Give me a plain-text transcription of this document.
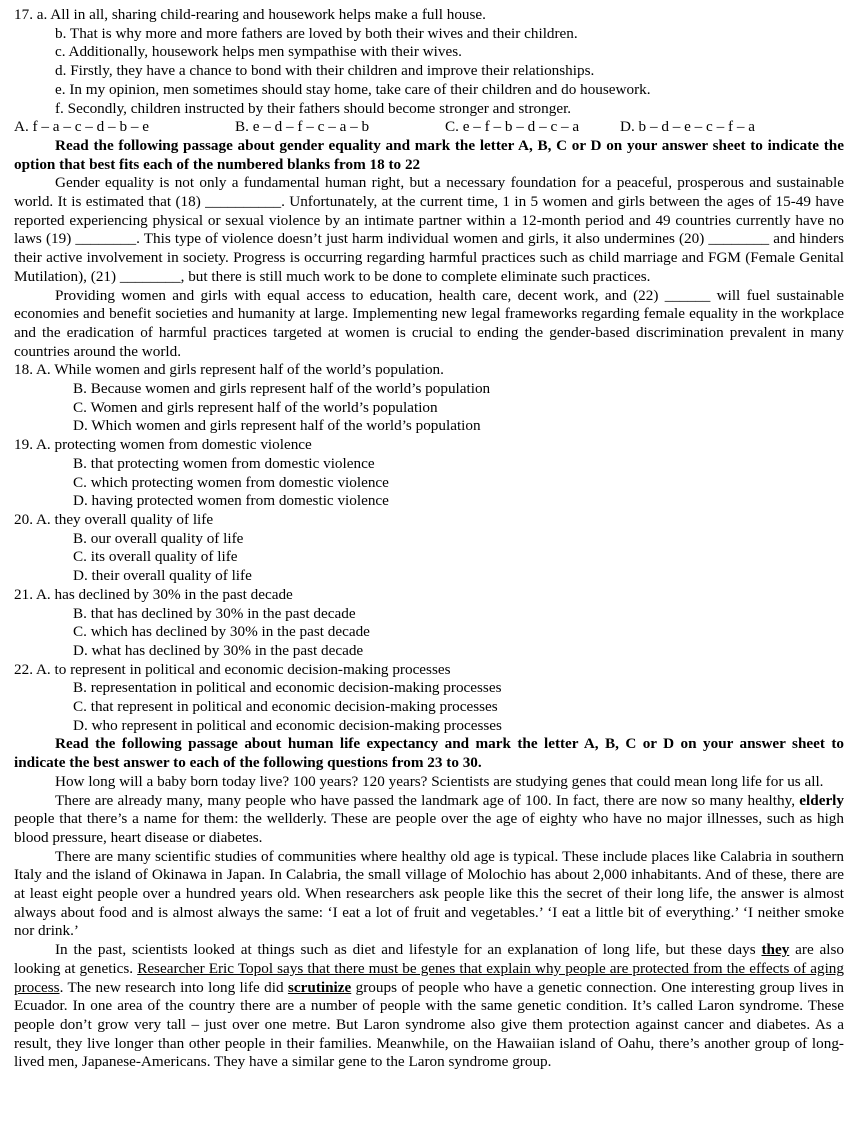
17. a. All in all, sharing child-rearing and housework helps make a full house.
b. That is why more and more fathers are loved by both their wives and their children.
c. Additionally, housework helps men sympathise with their wives.
d. Firstly, they have a chance to bond with their children and improve their relationships.
e. In my opinion, men sometimes should stay home, take care of their children and do housework.
f. Secondly, children instructed by their fathers should become stronger and stronger.
A. f – a – c – d – b – e	B. e – d – f – c – a – b	C. e – f – b – d – c – a	D. b – d – e – c – f – a

Read the following passage about gender equality and mark the letter A, B, C or D on your answer sheet to indicate the option that best fits each of the numbered blanks from 18 to 22

Gender equality is not only a fundamental human right, but a necessary foundation for a peaceful, prosperous and sustainable world. It is estimated that (18) __________. Unfortunately, at the current time, 1 in 5 women and girls between the ages of 15-49 have reported experiencing physical or sexual violence by an intimate partner within a 12-month period and 49 countries currently have no laws (19) ________. This type of violence doesn’t just harm individual women and girls, it also undermines (20) ________ and hinders their active involvement in society. Progress is occurring regarding harmful practices such as child marriage and FGM (Female Genital Mutilation), (21) ________, but there is still much work to be done to complete eliminate such practices.

Providing women and girls with equal access to education, health care, decent work, and (22) ______ will fuel sustainable economies and benefit societies and humanity at large. Implementing new legal frameworks regarding female equality in the workplace and the eradication of harmful practices targeted at women is crucial to ending the gender-based discrimination prevalent in many countries around the world.

18. A. While women and girls represent half of the world’s population.
B. Because women and girls represent half of the world’s population
C. Women and girls represent half of the world’s population
D. Which women and girls represent half of the world’s population
19. A. protecting women from domestic violence
B. that protecting women from domestic violence
C. which protecting women from domestic violence
D. having protected women from domestic violence
20. A. they overall quality of life
B. our overall quality of life
C. its overall quality of life
D. their overall quality of life
21. A. has declined by 30% in the past decade
B. that has declined by 30% in the past decade
C. which has declined by 30% in the past decade
D. what has declined by 30% in the past decade
22. A. to represent in political and economic decision-making processes
B. representation in political and economic decision-making processes
C. that represent in political and economic decision-making processes
D. who represent in political and economic decision-making processes

Read the following passage about human life expectancy and mark the letter A, B, C or D on your answer sheet to indicate the best answer to each of the following questions from 23 to 30.

How long will a baby born today live? 100 years? 120 years? Scientists are studying genes that could mean long life for us all.

There are already many, many people who have passed the landmark age of 100. In fact, there are now so many healthy, elderly people that there’s a name for them: the wellderly. These are people over the age of eighty who have no major illnesses, such as high blood pressure, heart disease or diabetes.

There are many scientific studies of communities where healthy old age is typical. These include places like Calabria in southern Italy and the island of Okinawa in Japan. In Calabria, the small village of Molochio has about 2,000 inhabitants. And of these, there are at least eight people over a hundred years old. When researchers ask people like this the secret of their long life, the answer is almost always about food and is almost always the same: ‘I eat a lot of fruit and vegetables.’ ‘I eat a little bit of everything.’ ‘I neither smoke nor drink.’

In the past, scientists looked at things such as diet and lifestyle for an explanation of long life, but these days they are also looking at genetics. Researcher Eric Topol says that there must be genes that explain why people are protected from the effects of aging process. The new research into long life did scrutinize groups of people who have a genetic connection. One interesting group lives in Ecuador. In one area of the country there are a number of people with the same genetic condition. It’s called Laron syndrome. These people don’t grow very tall – just over one metre. But Laron syndrome also give them protection against cancer and diabetes. As a result, they live longer than other people in their families. Meanwhile, on the Hawaiian island of Oahu, there’s another group of long-lived men, Japanese-Americans. They have a similar gene to the Laron syndrome group.
